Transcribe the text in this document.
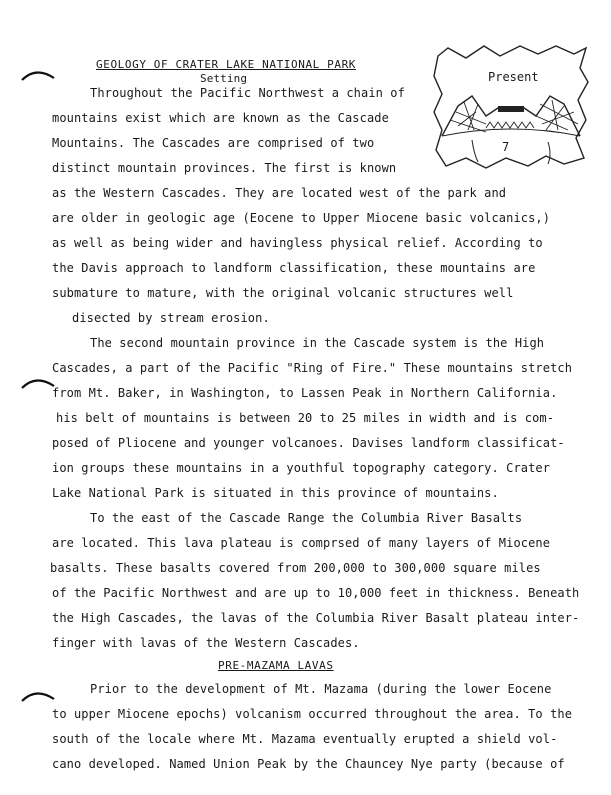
GEOLOGY OF CRATER LAKE NATIONAL PARK
Setting	Present
7
Throughout the Pacific Northwest a chain of
mountains exist which are known as the Cascade
Mountains. The Cascades are comprised of two
distinct mountain provinces. The first is known
as the Western Cascades. They are located west of the park and
are older in geologic age (Eocene to Upper Miocene basic volcanics,)
as well as being wider and havingless physical relief. According to
the Davis approach to landform classification, these mountains are
submature to mature, with the original volcanic structures well
disected by stream erosion.
The second mountain province in the Cascade system is the High
Cascades, a part of the Pacific "Ring of Fire." These mountains stretch
from Mt. Baker, in Washington, to Lassen Peak in Northern California.
his belt of mountains is between 20 to 25 miles in width and is com-
posed of Pliocene and younger volcanoes. Davises landform classificat-
ion groups these mountains in a youthful topography category. Crater
Lake National Park is situated in this province of mountains.
To the east of the Cascade Range the Columbia River Basalts
are located. This lava plateau is comprsed of many layers of Miocene
basalts. These basalts covered from 200,000 to 300,000 square miles
of the Pacific Northwest and are up to 10,000 feet in thickness. Beneath
the High Cascades, the lavas of the Columbia River Basalt plateau inter-
finger with lavas of the Western Cascades.
PRE-MAZAMA LAVAS
Prior to the development of Mt. Mazama (during the lower Eocene
to upper Miocene epochs) volcanism occurred throughout the area. To the
south of the locale where Mt. Mazama eventually erupted a shield vol-
cano developed. Named Union Peak by the Chauncey Nye party (because of
